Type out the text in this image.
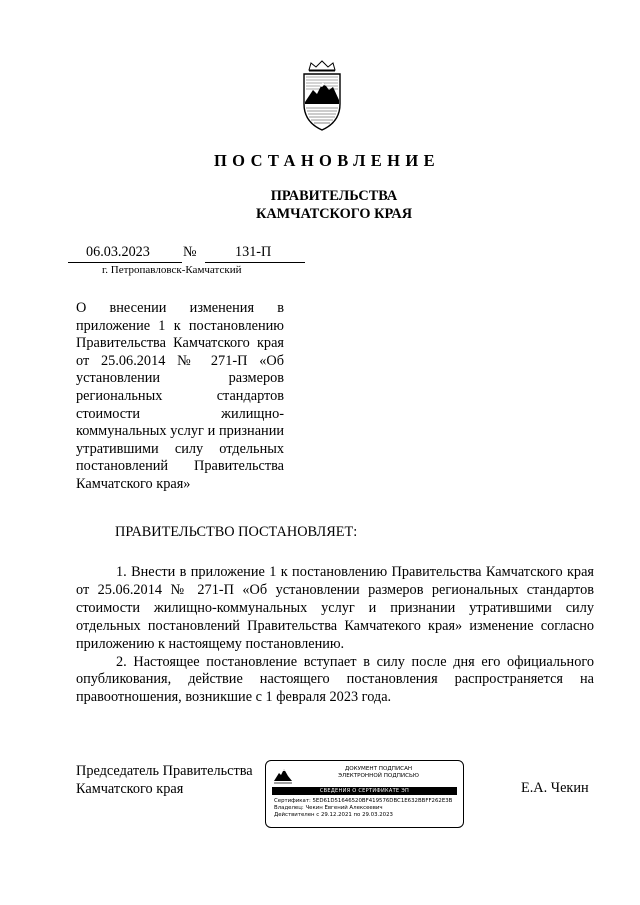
ПОСТАНОВЛЕНИЕ
ПРАВИТЕЛЬСТВА
КАМЧАТСКОГО КРАЯ
06.03.2023 №	131-П
г. Петропавловск-Камчатский
О внесении изменения в приложение 1 к постановлению Правительства Камчатского края от 25.06.2014 № 271-П «Об установлении размеров региональных стандартов стоимости жилищно-коммунальных услуг и признании утратившими силу отдельных постановлений Правительства Камчатского края»
ПРАВИТЕЛЬСТВО ПОСТАНОВЛЯЕТ:

1. Внести в приложение 1 к постановлению Правительства Камчатского края от 25.06.2014 № 271-П «Об установлении размеров региональных стандартов стоимости жилищно-коммунальных услуг и признании утратившими силу отдельных постановлений Правительства Камчатекого края» изменение согласно приложению к настоящему постановлению.

2. Настоящее постановление вступает в силу после дня его официального опубликования, действие настоящего постановления распространяется на правоотношения, возникшие с 1 февраля 2023 года.

Председатель Правительства
Камчатского края
ДОКУМЕНТ ПОДПИСАН
ЭЛЕКТРОННОЙ ПОДПИСЬЮ
СВЕДЕНИЯ О СЕРТИФИКАТЕ ЭП
Сертификат: 5ED61D51646520BF419576DBC1E632BBFF262E3B
Владелец: Чекин Евгений Алексеевич
Действителен с 29.12.2021 по 29.03.2023
Е.А. Чекин
